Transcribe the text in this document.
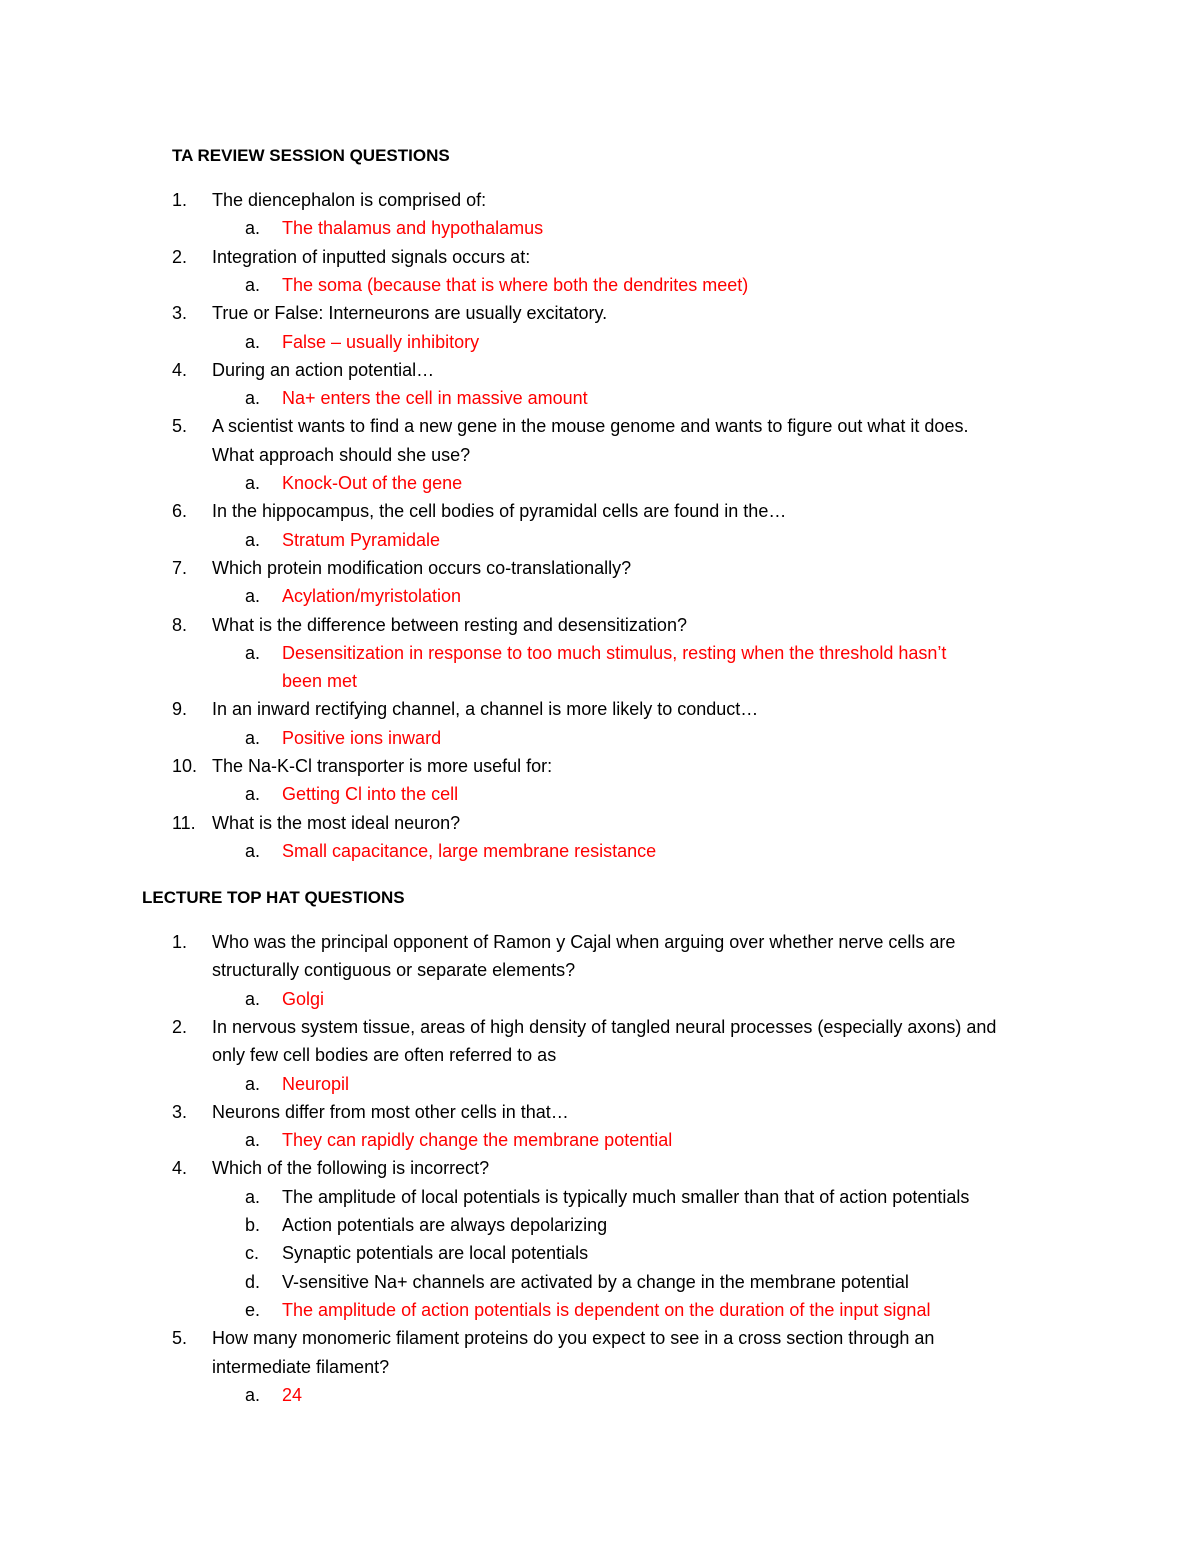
TA REVIEW SESSION QUESTIONS
1. The diencephalon is comprised of:
a. The thalamus and hypothalamus
2. Integration of inputted signals occurs at:
a. The soma (because that is where both the dendrites meet)
3. True or False: Interneurons are usually excitatory.
a. False – usually inhibitory
4. During an action potential…
a. Na+ enters the cell in massive amount
5. A scientist wants to find a new gene in the mouse genome and wants to figure out what it does.
What approach should she use?
a. Knock-Out of the gene
6. In the hippocampus, the cell bodies of pyramidal cells are found in the…
a. Stratum Pyramidale
7. Which protein modification occurs co-translationally?
a. Acylation/myristolation
8. What is the difference between resting and desensitization?
a. Desensitization in response to too much stimulus, resting when the threshold hasn’t
been met
9. In an inward rectifying channel, a channel is more likely to conduct…
a. Positive ions inward
10. The Na-K-Cl transporter is more useful for:
a. Getting Cl into the cell
11. What is the most ideal neuron?
a. Small capacitance, large membrane resistance
LECTURE TOP HAT QUESTIONS
1. Who was the principal opponent of Ramon y Cajal when arguing over whether nerve cells are
structurally contiguous or separate elements?
a. Golgi
2. In nervous system tissue, areas of high density of tangled neural processes (especially axons) and
only few cell bodies are often referred to as
a. Neuropil
3. Neurons differ from most other cells in that…
a. They can rapidly change the membrane potential
4. Which of the following is incorrect?
a. The amplitude of local potentials is typically much smaller than that of action potentials
b. Action potentials are always depolarizing
c. Synaptic potentials are local potentials
d. V-sensitive Na+ channels are activated by a change in the membrane potential
e. The amplitude of action potentials is dependent on the duration of the input signal
5. How many monomeric filament proteins do you expect to see in a cross section through an
intermediate filament?
a. 24
